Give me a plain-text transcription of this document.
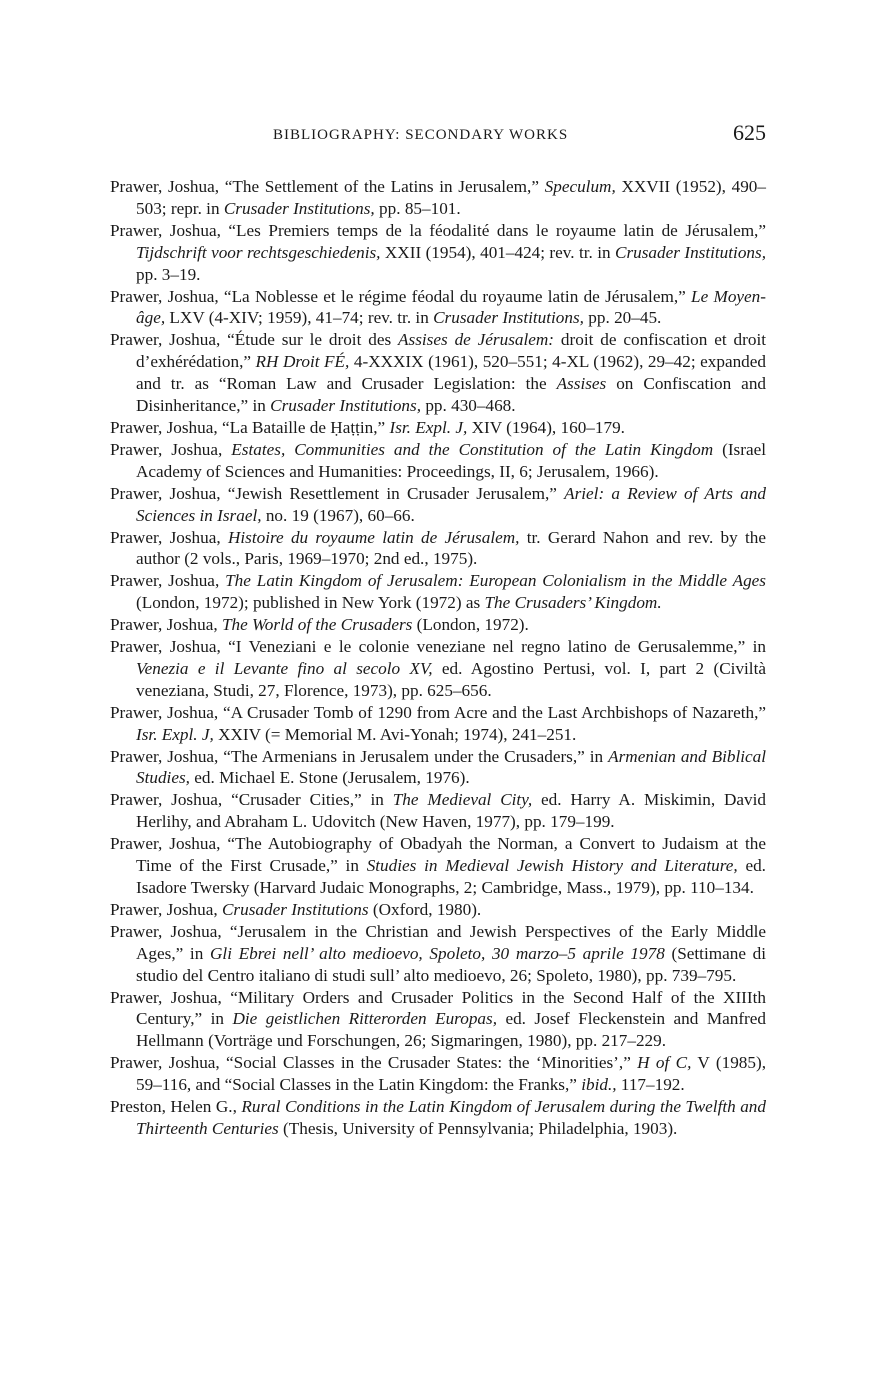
BIBLIOGRAPHY: SECONDARY WORKS	625
Prawer, Joshua, “The Settlement of the Latins in Jerusalem,” Speculum, XXVII (1952), 490–503; repr. in Crusader Institutions, pp. 85–101.
Prawer, Joshua, “Les Premiers temps de la féodalité dans le royaume latin de Jérusalem,” Tijdschrift voor rechtsgeschiedenis, XXII (1954), 401–424; rev. tr. in Crusader Institutions, pp. 3–19.
Prawer, Joshua, “La Noblesse et le régime féodal du royaume latin de Jérusalem,” Le Moyen-âge, LXV (4-XIV; 1959), 41–74; rev. tr. in Crusader Institutions, pp. 20–45.
Prawer, Joshua, “Étude sur le droit des Assises de Jérusalem: droit de confiscation et droit d’exhérédation,” RH Droit FÉ, 4-XXXIX (1961), 520–551; 4-XL (1962), 29–42; expanded and tr. as “Roman Law and Crusader Legislation: the Assises on Confiscation and Disinheritance,” in Crusader Institutions, pp. 430–468.
Prawer, Joshua, “La Bataille de Ḥaṭṭin,” Isr. Expl. J, XIV (1964), 160–179.
Prawer, Joshua, Estates, Communities and the Constitution of the Latin Kingdom (Israel Academy of Sciences and Humanities: Proceedings, II, 6; Jerusalem, 1966).
Prawer, Joshua, “Jewish Resettlement in Crusader Jerusalem,” Ariel: a Review of Arts and Sciences in Israel, no. 19 (1967), 60–66.
Prawer, Joshua, Histoire du royaume latin de Jérusalem, tr. Gerard Nahon and rev. by the author (2 vols., Paris, 1969–1970; 2nd ed., 1975).
Prawer, Joshua, The Latin Kingdom of Jerusalem: European Colonialism in the Middle Ages (London, 1972); published in New York (1972) as The Crusaders’ Kingdom.
Prawer, Joshua, The World of the Crusaders (London, 1972).
Prawer, Joshua, “I Veneziani e le colonie veneziane nel regno latino de Gerusalemme,” in Venezia e il Levante fino al secolo XV, ed. Agostino Pertusi, vol. I, part 2 (Civiltà veneziana, Studi, 27, Florence, 1973), pp. 625–656.
Prawer, Joshua, “A Crusader Tomb of 1290 from Acre and the Last Archbishops of Nazareth,” Isr. Expl. J, XXIV (= Memorial M. Avi-Yonah; 1974), 241–251.
Prawer, Joshua, “The Armenians in Jerusalem under the Crusaders,” in Armenian and Biblical Studies, ed. Michael E. Stone (Jerusalem, 1976).
Prawer, Joshua, “Crusader Cities,” in The Medieval City, ed. Harry A. Miskimin, David Herlihy, and Abraham L. Udovitch (New Haven, 1977), pp. 179–199.
Prawer, Joshua, “The Autobiography of Obadyah the Norman, a Convert to Judaism at the Time of the First Crusade,” in Studies in Medieval Jewish History and Literature, ed. Isadore Twersky (Harvard Judaic Monographs, 2; Cambridge, Mass., 1979), pp. 110–134.
Prawer, Joshua, Crusader Institutions (Oxford, 1980).
Prawer, Joshua, “Jerusalem in the Christian and Jewish Perspectives of the Early Middle Ages,” in Gli Ebrei nell’ alto medioevo, Spoleto, 30 marzo–5 aprile 1978 (Settimane di studio del Centro italiano di studi sull’ alto medioevo, 26; Spoleto, 1980), pp. 739–795.
Prawer, Joshua, “Military Orders and Crusader Politics in the Second Half of the XIIIth Century,” in Die geistlichen Ritterorden Europas, ed. Josef Fleckenstein and Manfred Hellmann (Vorträge und Forschungen, 26; Sigmaringen, 1980), pp. 217–229.
Prawer, Joshua, “Social Classes in the Crusader States: the ‘Minorities’,” H of C, V (1985), 59–116, and “Social Classes in the Latin Kingdom: the Franks,” ibid., 117–192.
Preston, Helen G., Rural Conditions in the Latin Kingdom of Jerusalem during the Twelfth and Thirteenth Centuries (Thesis, University of Pennsylvania; Philadelphia, 1903).
